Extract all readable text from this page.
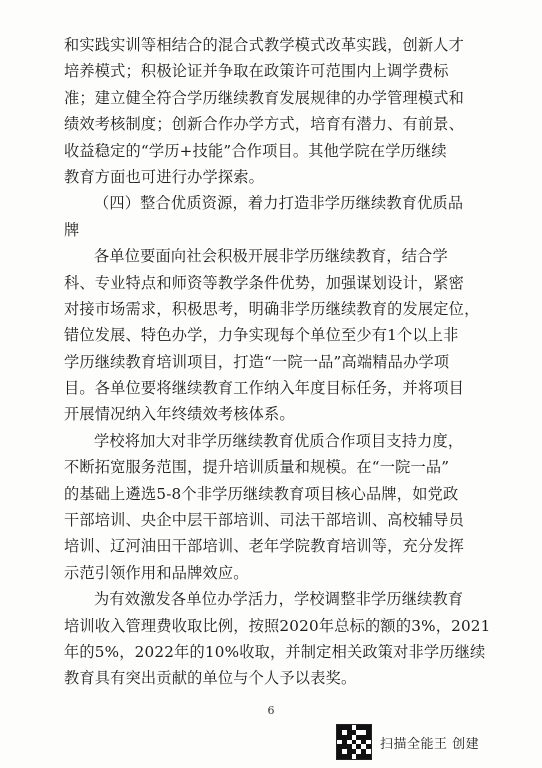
和实践实训等相结合的混合式教学模式改革实践，创新人才
培养模式；积极论证并争取在政策许可范围内上调学费标
准；建立健全符合学历继续教育发展规律的办学管理模式和
绩效考核制度；创新合作办学方式，培育有潜力、有前景、
收益稳定的“学历+技能”合作项目。其他学院在学历继续
教育方面也可进行办学探索。
（四）整合优质资源，着力打造非学历继续教育优质品
牌
各单位要面向社会积极开展非学历继续教育，结合学
科、专业特点和师资等教学条件优势，加强谋划设计，紧密
对接市场需求，积极思考，明确非学历继续教育的发展定位，
错位发展、特色办学，力争实现每个单位至少有1个以上非
学历继续教育培训项目，打造“一院一品”高端精品办学项
目。各单位要将继续教育工作纳入年度目标任务，并将项目
开展情况纳入年终绩效考核体系。
学校将加大对非学历继续教育优质合作项目支持力度，
不断拓宽服务范围，提升培训质量和规模。在“一院一品”
的基础上遴选5-8个非学历继续教育项目核心品牌，如党政
干部培训、央企中层干部培训、司法干部培训、高校辅导员
培训、辽河油田干部培训、老年学院教育培训等，充分发挥
示范引领作用和品牌效应。
为有效激发各单位办学活力，学校调整非学历继续教育
培训收入管理费收取比例，按照2020年总标的额的3%，2021
年的5%，2022年的10%收取，并制定相关政策对非学历继续
教育具有突出贡献的单位与个人予以表奖。
6
扫描全能王 创建
